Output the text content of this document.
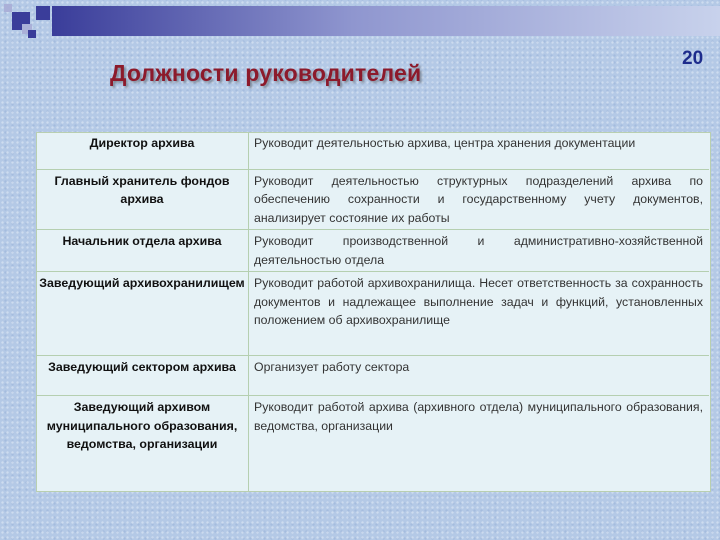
Должности руководителей
20
Директор архива	Руководит деятельностью архива, центра хранения документации
Главный хранитель фондов архива	Руководит деятельностью структурных подразделений архива по обеспечению сохранности и государственному учету документов, анализирует состояние их работы
Начальник отдела архива	Руководит производственной и административно-хозяйственной деятельностью отдела
Заведующий архивохранилищем	Руководит работой архивохранилища. Несет ответственность за сохранность документов и надлежащее выполнение задач и функций, установленных положением об архивохранилище
Заведующий сектором архива	Организует работу сектора
Заведующий архивом муниципального образования, ведомства, организации	Руководит работой архива (архивного отдела) муниципального образования, ведомства, организации
